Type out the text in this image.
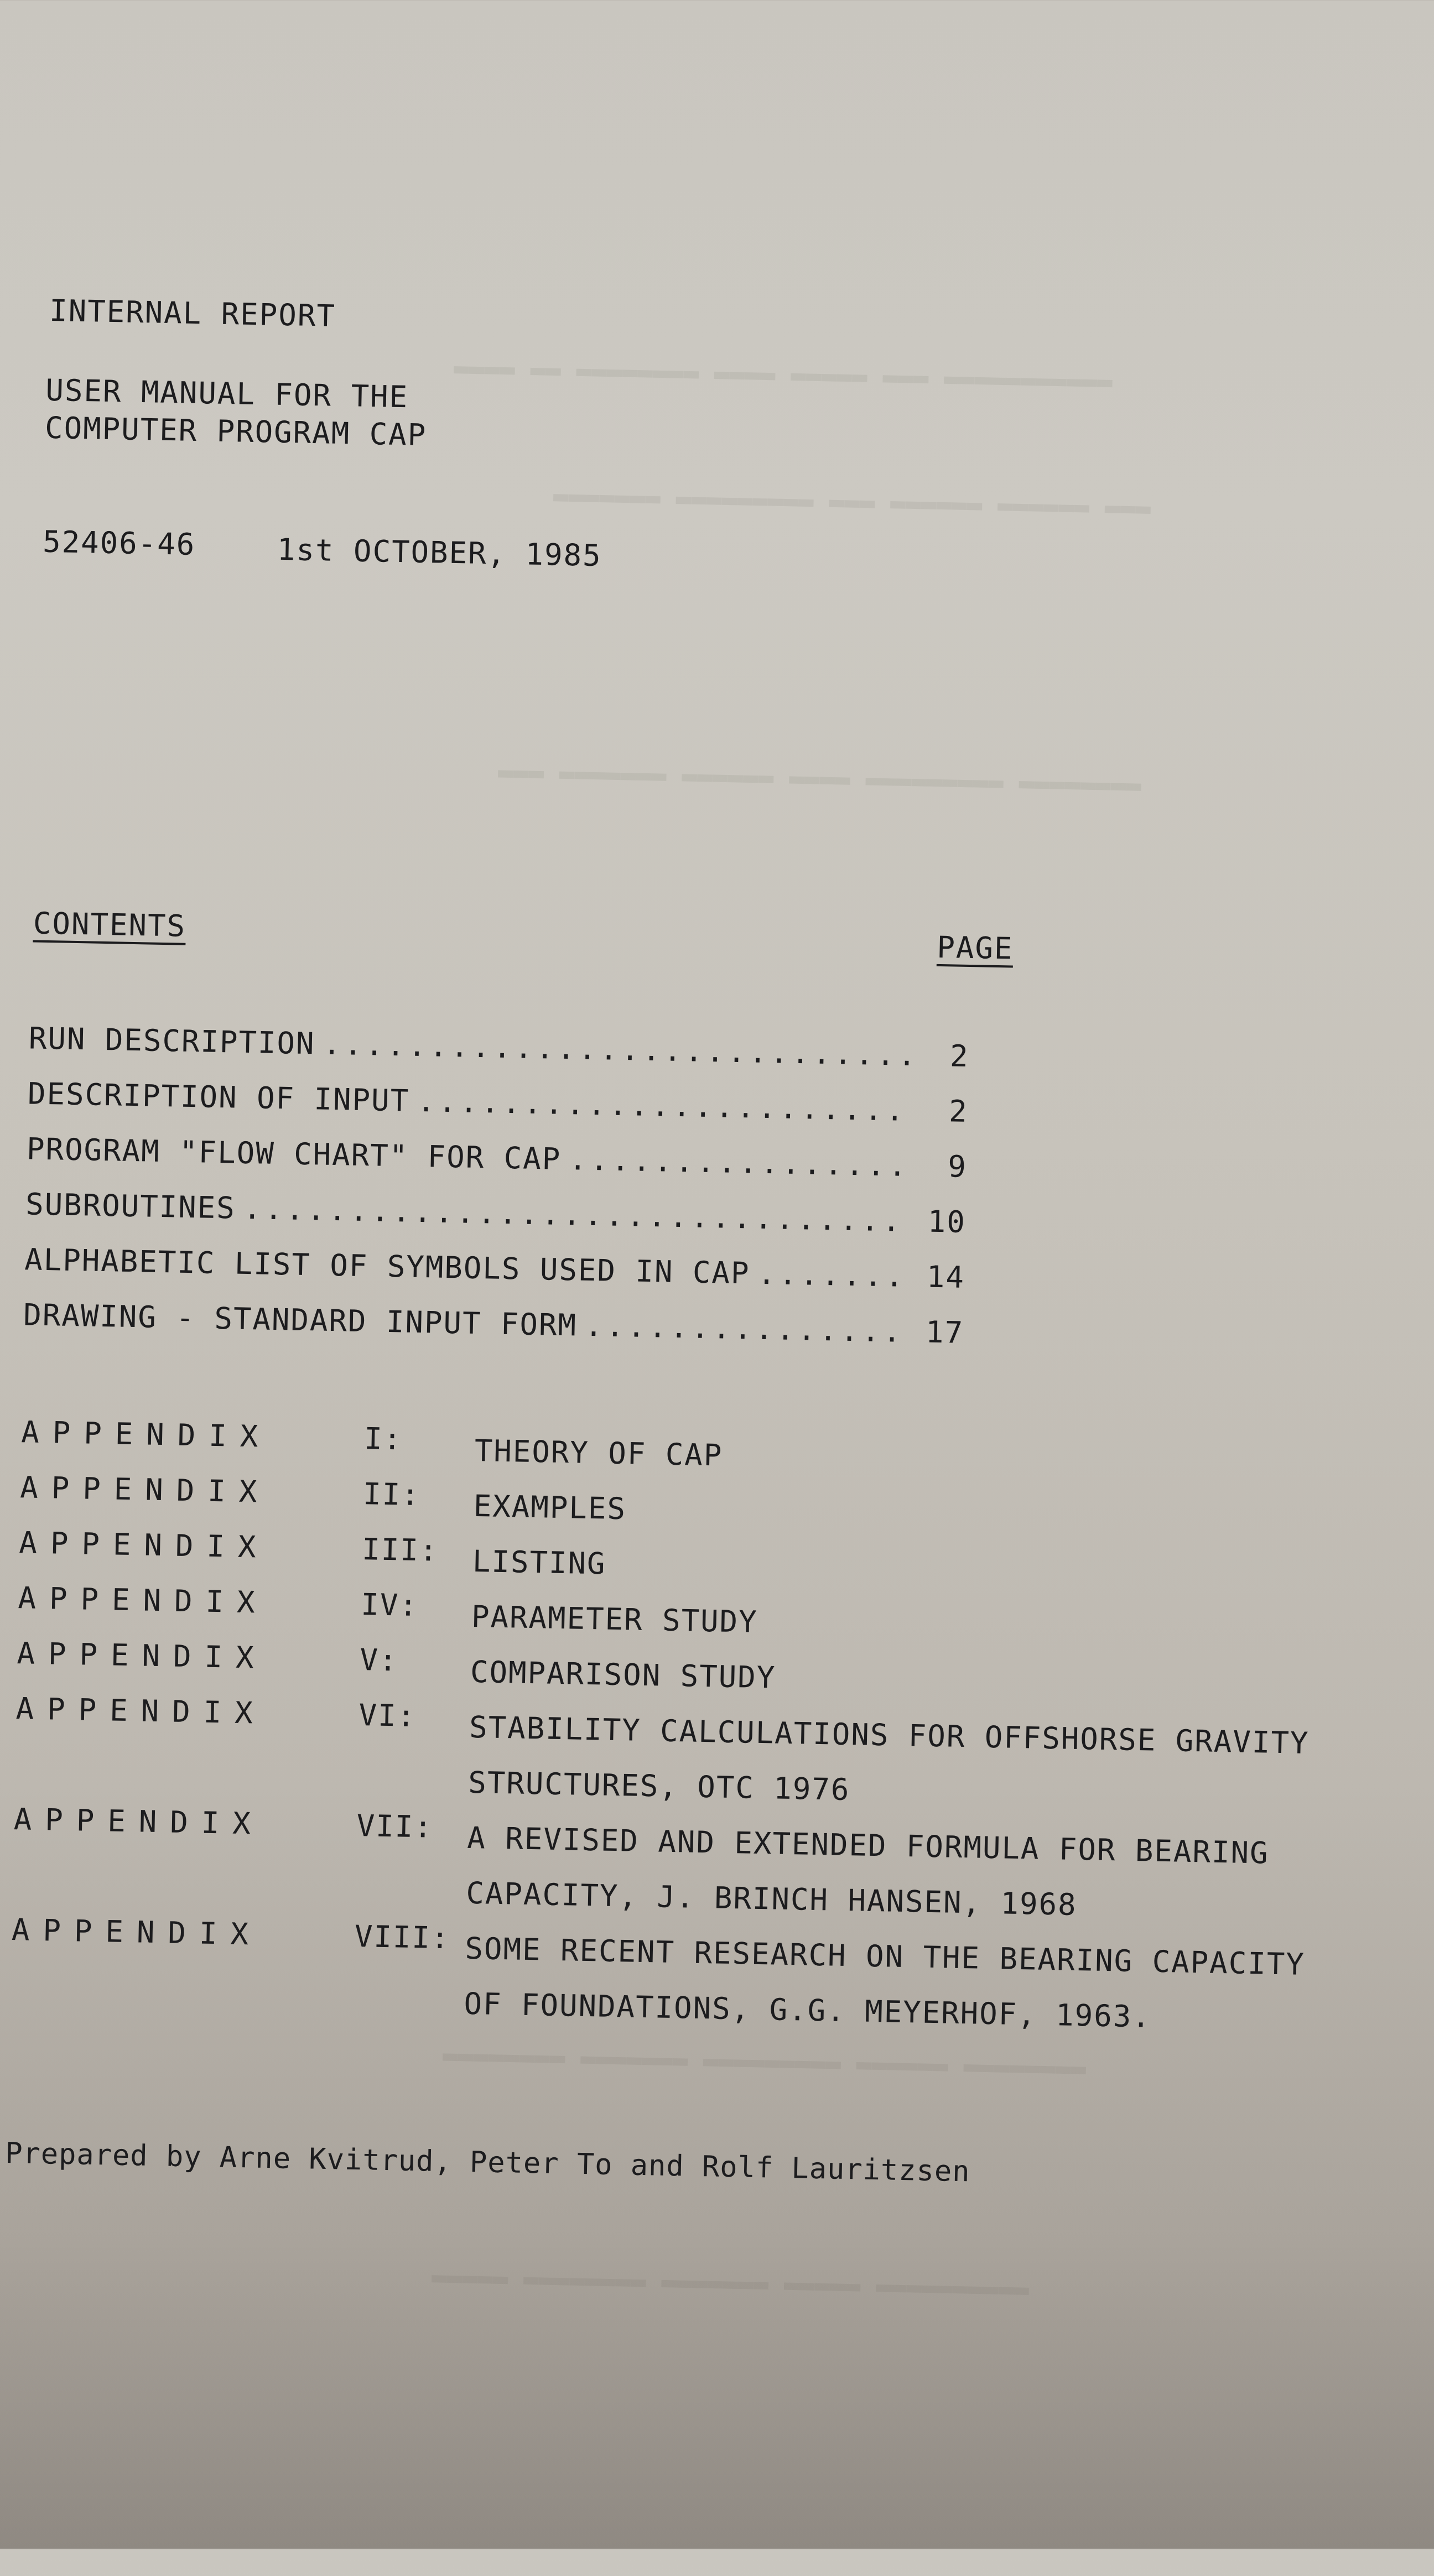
▬▬▬▬ ▬▬ ▬▬▬▬▬▬▬▬ ▬▬▬▬ ▬▬▬▬▬ ▬▬▬ ▬▬▬▬▬▬▬▬▬▬▬
▬▬▬▬▬▬▬ ▬▬▬▬▬▬▬▬▬ ▬▬▬ ▬▬▬▬▬▬ ▬▬▬▬▬▬ ▬▬▬
▬▬▬ ▬▬▬▬▬▬▬ ▬▬▬▬▬▬ ▬▬▬▬ ▬▬▬▬▬▬▬▬▬ ▬▬▬▬▬▬▬▬
▬▬▬▬▬▬▬▬ ▬▬▬▬▬▬▬ ▬▬▬▬▬▬▬▬▬ ▬▬▬▬▬▬ ▬▬▬▬▬▬▬▬
▬▬▬▬▬ ▬▬▬▬▬▬▬▬ ▬▬▬▬▬▬▬ ▬▬▬▬▬ ▬▬▬▬▬▬▬▬▬▬
INTERNAL REPORT
USER MANUAL FOR THE
COMPUTER PROGRAM CAP
52406-46	1st OCTOBER, 1985
CONTENTS
PAGE
RUN DESCRIPTION .....	2
DESCRIPTION OF INPUT .....	2
PROGRAM "FLOW CHART" FOR CAP .....	9
SUBROUTINES .....	10
ALPHABETIC LIST OF SYMBOLS USED IN CAP .....	14
DRAWING - STANDARD INPUT FORM .....	17
APPENDIX	I: THEORY OF CAP
APPENDIX	II: EXAMPLES
APPENDIX	III: LISTING
APPENDIX	IV: PARAMETER STUDY
APPENDIX	V: COMPARISON STUDY
APPENDIX	VI: STABILITY CALCULATIONS FOR OFFSHORSE GRAVITY
STRUCTURES, OTC 1976
APPENDIX	VII: A REVISED AND EXTENDED FORMULA FOR BEARING
CAPACITY, J. BRINCH HANSEN, 1968
APPENDIX	VIII: SOME RECENT RESEARCH ON THE BEARING CAPACITY
OF FOUNDATIONS, G.G. MEYERHOF, 1963.
Prepared by Arne Kvitrud, Peter To and Rolf Lauritzsen
